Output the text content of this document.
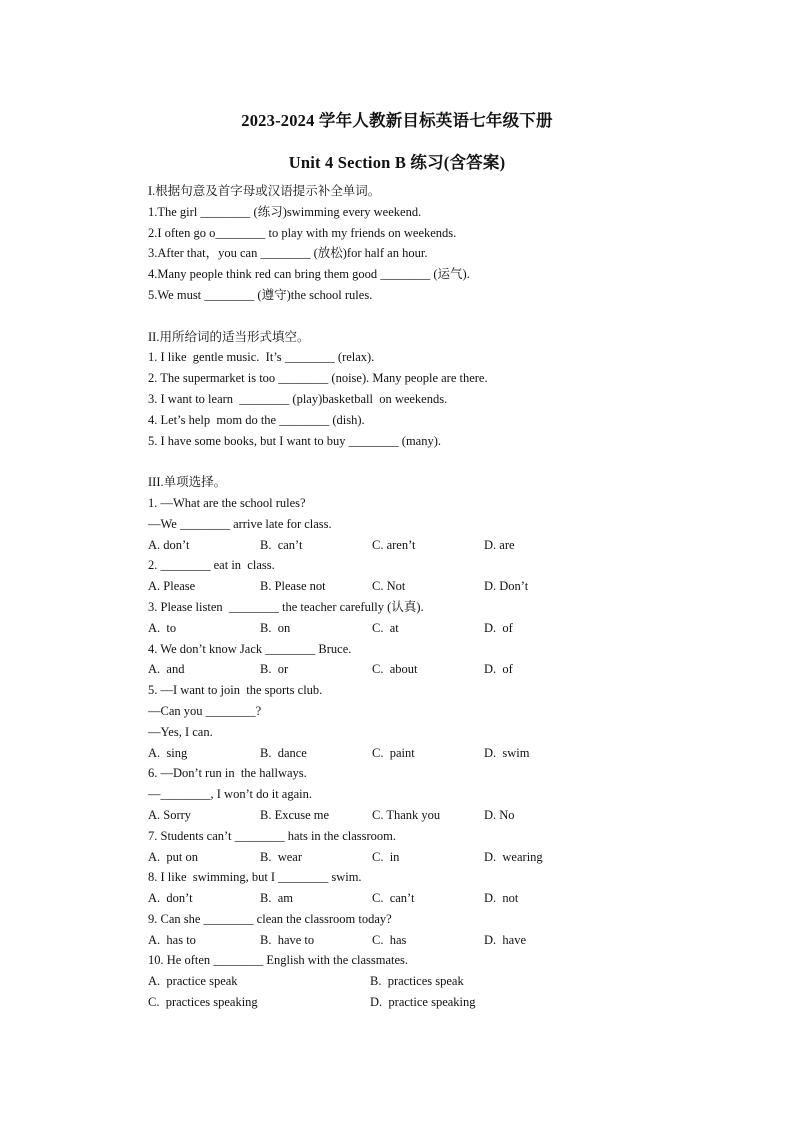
2023-2024 学年人教新目标英语七年级下册
Unit 4 Section B 练习(含答案)
I.根据句意及首字母或汉语提示补全单词。
1.The girl ________ (练习)swimming every weekend.
2.I often go o________ to play with my friends on weekends.
3.After that，you can ________ (放松)for half an hour.
4.Many people think red can bring them good ________ (运气).
5.We must ________ (遵守)the school rules.
II.用所给词的适当形式填空。
1. I like  gentle music.  It’s ________ (relax).
2. The supermarket is too ________ (noise). Many people are there.
3. I want to learn  ________ (play)basketball  on weekends.
4. Let’s help  mom do the ________ (dish).
5. I have some books, but I want to buy ________ (many).
III.单项选择。
1. —What are the school rules?
—We ________ arrive late for class.
A. don’t	B.  can’t	C. aren’t	D. are
2. ________ eat in  class.
A. Please	B. Please not	C. Not	D. Don’t
3. Please listen  ________ the teacher carefully (认真).
A.  to	B.  on	C.  at	D.  of
4. We don’t know Jack ________ Bruce.
A.  and	B.  or	C.  about	D.  of
5. —I want to join  the sports club.
—Can you ________?
—Yes, I can.
A.  sing	B.  dance	C.  paint	D.  swim
6. —Don’t run in  the hallways.
—________, I won’t do it again.
A. Sorry	B. Excuse me	C. Thank you	D. No
7. Students can’t ________ hats in the classroom.
A.  put on	B.  wear	C.  in	D.  wearing
8. I like  swimming, but I ________ swim.
A.  don’t	B.  am	C.  can’t	D.  not
9. Can she ________ clean the classroom today?
A.  has to	B.  have to	C.  has	D.  have
10. He often ________ English with the classmates.
A.  practice speak	B.  practices speak
C.  practices speaking	D.  practice speaking
